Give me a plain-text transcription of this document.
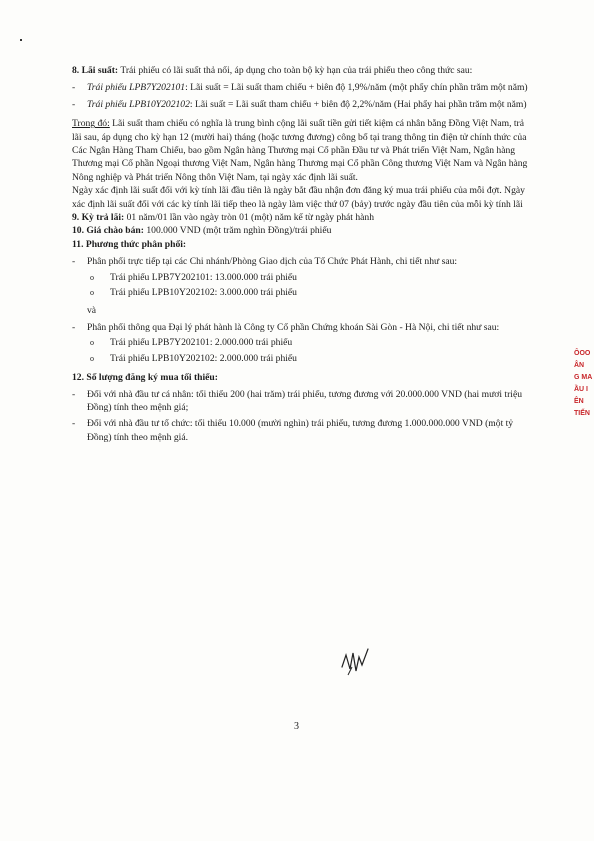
8. Lãi suất: Trái phiếu có lãi suất thả nổi, áp dụng cho toàn bộ kỳ hạn của trái phiếu theo công thức sau:

- Trái phiếu LPB7Y202101: Lãi suất = Lãi suất tham chiếu + biên độ 1,9%/năm (một phẩy chín phần trăm một năm)
- Trái phiếu LPB10Y202102: Lãi suất = Lãi suất tham chiếu + biên độ 2,2%/năm (Hai phẩy hai phần trăm một năm)

Trong đó: Lãi suất tham chiếu có nghĩa là trung bình cộng lãi suất tiền gửi tiết kiệm cá nhân bằng Đồng Việt Nam, trả lãi sau, áp dụng cho kỳ hạn 12 (mười hai) tháng (hoặc tương đương) công bố tại trang thông tin điện tử chính thức của Các Ngân Hàng Tham Chiếu, bao gồm Ngân hàng Thương mại Cổ phần Đầu tư và Phát triển Việt Nam, Ngân hàng Thương mại Cổ phần Ngoại thương Việt Nam, Ngân hàng Thương mại Cổ phần Công thương Việt Nam và Ngân hàng Nông nghiệp và Phát triển Nông thôn Việt Nam, tại ngày xác định lãi suất.

Ngày xác định lãi suất đối với kỳ tính lãi đầu tiên là ngày bắt đầu nhận đơn đăng ký mua trái phiếu của mỗi đợt. Ngày xác định lãi suất đối với các kỳ tính lãi tiếp theo là ngày làm việc thứ 07 (bảy) trước ngày đầu tiên của mỗi kỳ tính lãi

9. Kỳ trả lãi: 01 năm/01 lần vào ngày tròn 01 (một) năm kể từ ngày phát hành

10. Giá chào bán: 100.000 VND (một trăm nghìn Đồng)/trái phiếu

11. Phương thức phân phối:

- Phân phối trực tiếp tại các Chi nhánh/Phòng Giao dịch của Tổ Chức Phát Hành, chi tiết như sau:
o Trái phiếu LPB7Y202101: 13.000.000 trái phiếu
o Trái phiếu LPB10Y202102: 3.000.000 trái phiếu

và

- Phân phối thông qua Đại lý phát hành là Công ty Cổ phần Chứng khoán Sài Gòn - Hà Nội, chi tiết như sau:
o Trái phiếu LPB7Y202101: 2.000.000 trái phiếu
o Trái phiếu LPB10Y202102: 2.000.000 trái phiếu

12. Số lượng đăng ký mua tối thiểu:

- Đối với nhà đầu tư cá nhân: tối thiểu 200 (hai trăm) trái phiếu, tương đương với 20.000.000 VND (hai mươi triệu Đồng) tính theo mệnh giá;
- Đối với nhà đầu tư tổ chức: tối thiểu 10.000 (mười nghìn) trái phiếu, tương đương 1.000.000.000 VND (một tỷ Đồng) tính theo mệnh giá.
ÔOO
ÂN
G MA
ẦU I
ÊN
TIẾN
3
